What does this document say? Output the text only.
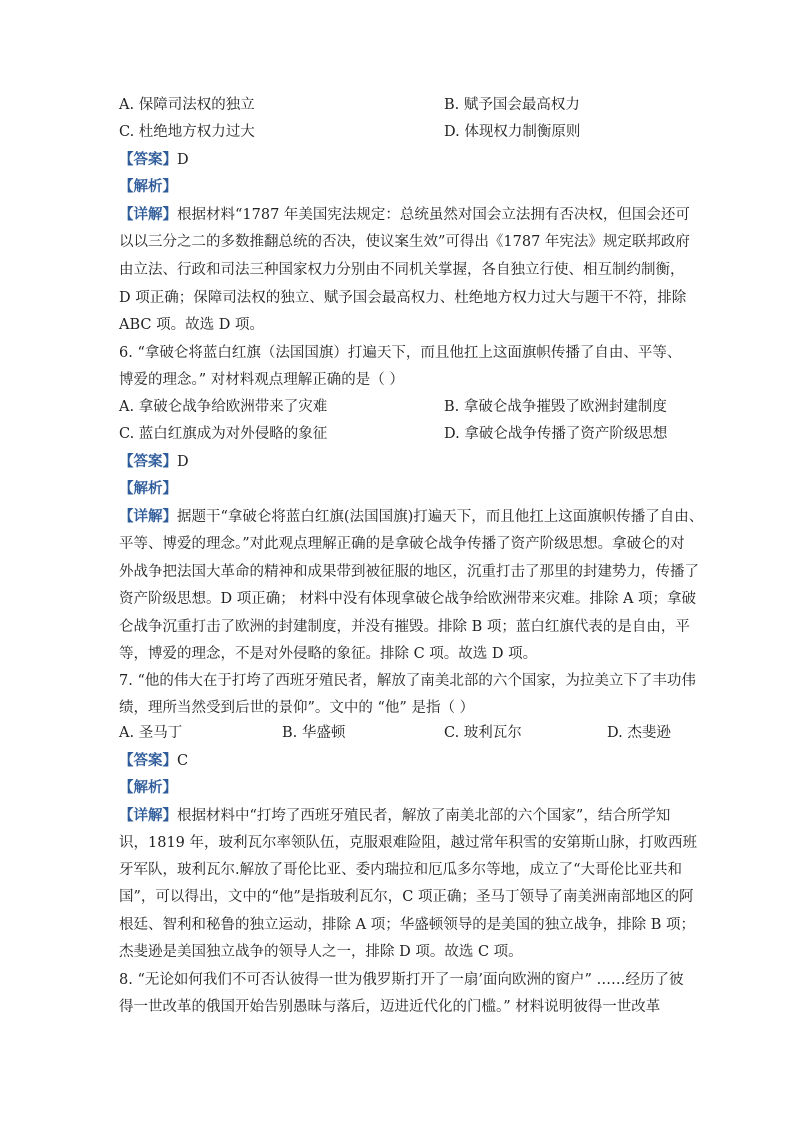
A. 保障司法权的独立	B. 赋予国会最高权力
C. 杜绝地方权力过大	D. 体现权力制衡原则
【答案】D
【解析】
【详解】根据材料“1787 年美国宪法规定：总统虽然对国会立法拥有否决权，但国会还可
以以三分之二的多数推翻总统的否决，使议案生效”可得出《1787 年宪法》规定联邦政府
由立法、行政和司法三种国家权力分别由不同机关掌握，各自独立行使、相互制约制衡，
D 项正确；保障司法权的独立、赋予国会最高权力、杜绝地方权力过大与题干不符，排除
ABC 项。故选 D 项。
6. “拿破仑将蓝白红旗（法国国旗）打遍天下，而且他扛上这面旗帜传播了自由、平等、
博爱的理念。” 对材料观点理解正确的是（ ）
A. 拿破仑战争给欧洲带来了灾难	B. 拿破仑战争摧毁了欧洲封建制度
C. 蓝白红旗成为对外侵略的象征	D. 拿破仑战争传播了资产阶级思想
【答案】D
【解析】
【详解】据题干“拿破仑将蓝白红旗(法国国旗)打遍天下，而且他扛上这面旗帜传播了自由、
平等、博爱的理念。”对此观点理解正确的是拿破仑战争传播了资产阶级思想。拿破仑的对
外战争把法国大革命的精神和成果带到被征服的地区，沉重打击了那里的封建势力，传播了
资产阶级思想。D 项正确； 材料中没有体现拿破仑战争给欧洲带来灾难。排除 A 项；拿破
仑战争沉重打击了欧洲的封建制度，并没有摧毁。排除 B 项；蓝白红旗代表的是自由，平
等，博爱的理念，不是对外侵略的象征。排除 C 项。故选 D 项。
7. “他的伟大在于打垮了西班牙殖民者，解放了南美北部的六个国家，为拉美立下了丰功伟
绩，理所当然受到后世的景仰”。文中的 “他” 是指（ ）
A. 圣马丁	B. 华盛顿	C. 玻利瓦尔	D. 杰斐逊
【答案】C
【解析】
【详解】根据材料中“打垮了西班牙殖民者，解放了南美北部的六个国家”，结合所学知
识，1819 年，玻利瓦尔率领队伍，克服艰难险阻，越过常年积雪的安第斯山脉，打败西班
牙军队，玻利瓦尔.解放了哥伦比亚、委内瑞拉和厄瓜多尔等地，成立了“大哥伦比亚共和
国”，可以得出，文中的“他”是指玻利瓦尔，C 项正确；圣马丁领导了南美洲南部地区的阿
根廷、智利和秘鲁的独立运动，排除 A 项；华盛顿领导的是美国的独立战争，排除 B 项；
杰斐逊是美国独立战争的领导人之一，排除 D 项。故选 C 项。
8. “无论如何我们不可否认彼得一世为俄罗斯打开了一扇’面向欧洲的窗户” ……经历了彼
得一世改革的俄国开始告别愚昧与落后，迈进近代化的门槛。” 材料说明彼得一世改革
